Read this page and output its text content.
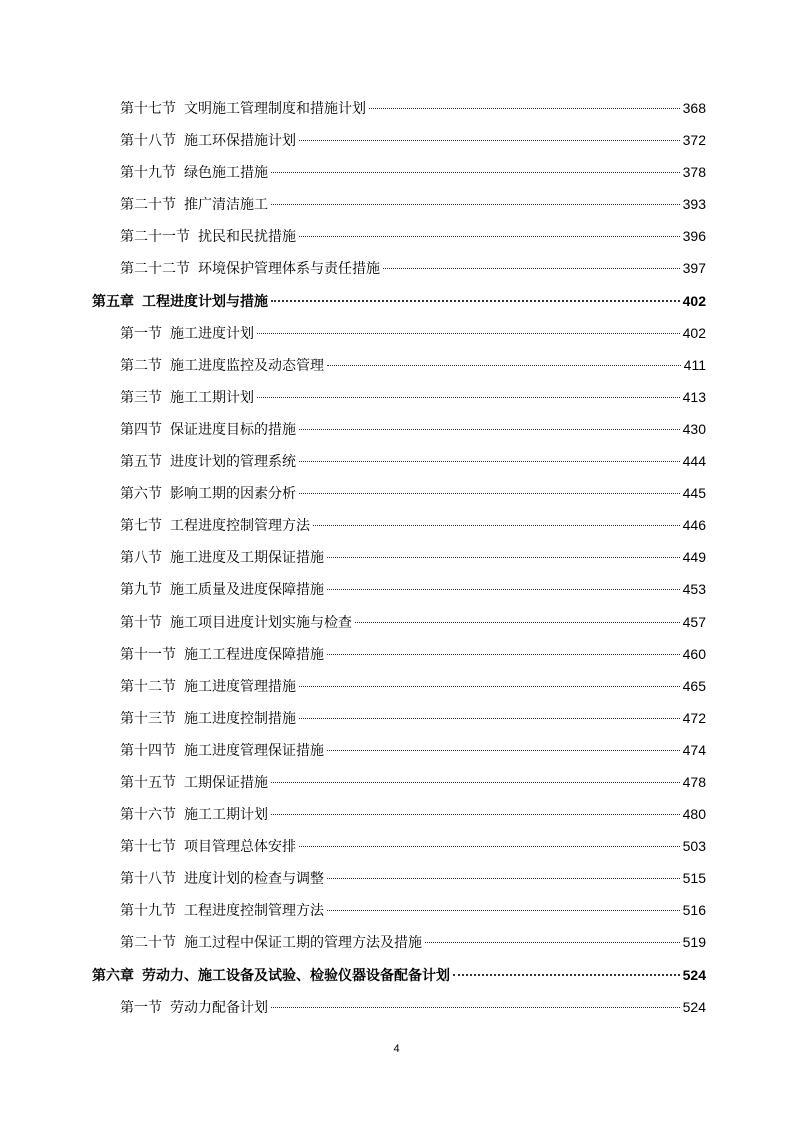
第十七节 文明施工管理制度和措施计划	368
第十八节 施工环保措施计划	372
第十九节 绿色施工措施	378
第二十节 推广清洁施工	393
第二十一节 扰民和民扰措施	396
第二十二节 环境保护管理体系与责任措施	397
第五章 工程进度计划与措施	402
第一节 施工进度计划	402
第二节 施工进度监控及动态管理	411
第三节 施工工期计划	413
第四节 保证进度目标的措施	430
第五节 进度计划的管理系统	444
第六节 影响工期的因素分析	445
第七节 工程进度控制管理方法	446
第八节 施工进度及工期保证措施	449
第九节 施工质量及进度保障措施	453
第十节 施工项目进度计划实施与检查	457
第十一节 施工工程进度保障措施	460
第十二节 施工进度管理措施	465
第十三节 施工进度控制措施	472
第十四节 施工进度管理保证措施	474
第十五节 工期保证措施	478
第十六节 施工工期计划	480
第十七节 项目管理总体安排	503
第十八节 进度计划的检查与调整	515
第十九节 工程进度控制管理方法	516
第二十节 施工过程中保证工期的管理方法及措施	519
第六章 劳动力、施工设备及试验、检验仪器设备配备计划	524
第一节 劳动力配备计划	524
4
